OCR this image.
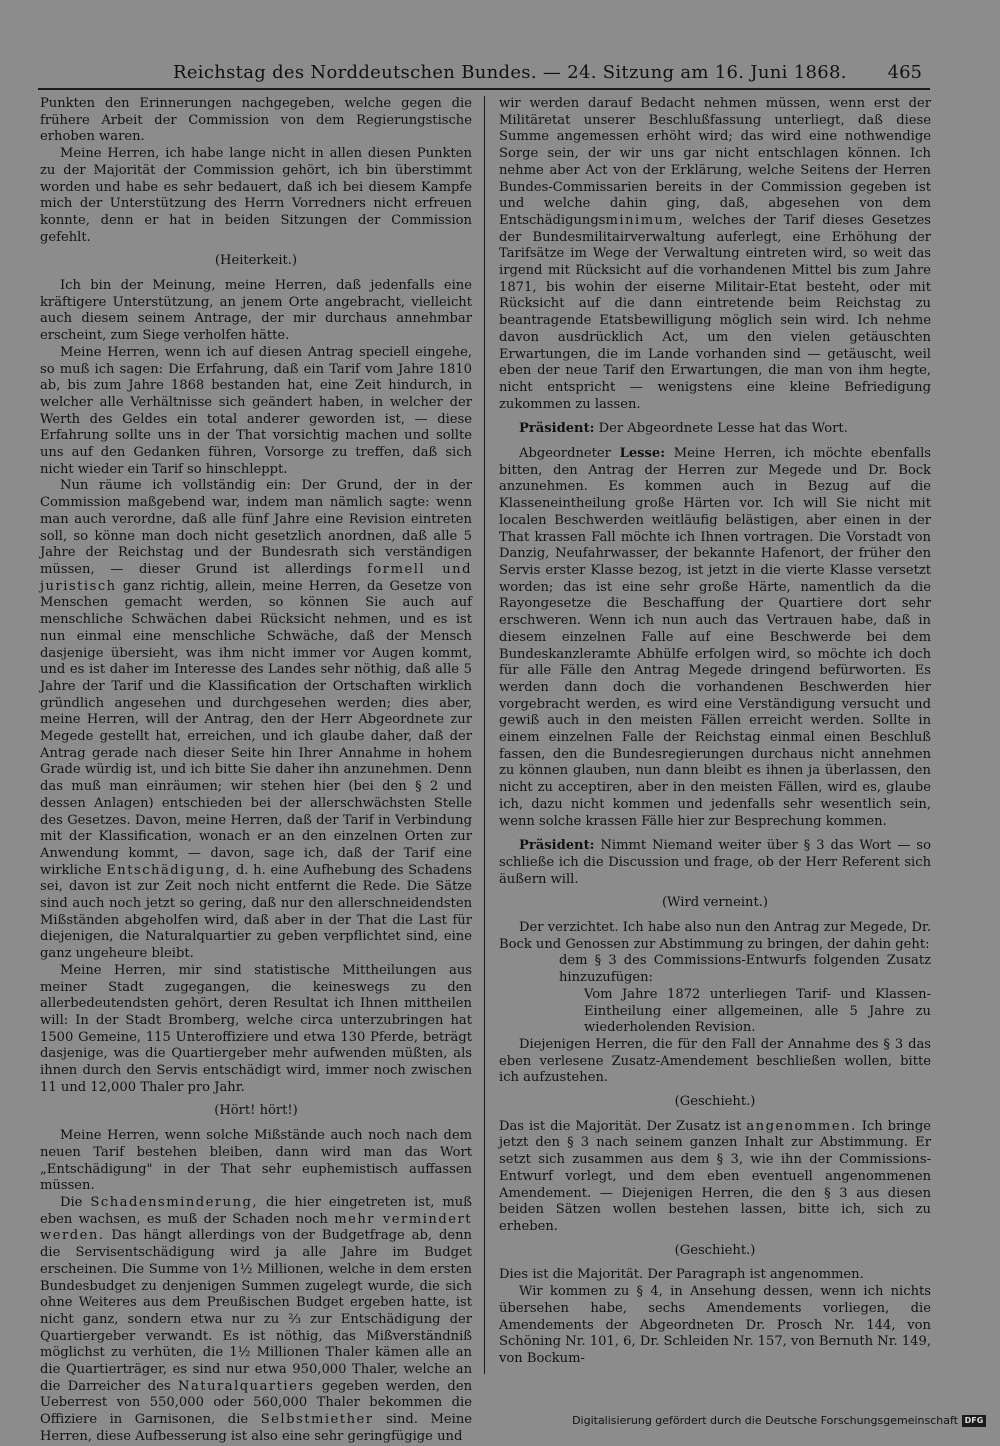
Reichstag des Norddeutschen Bundes. — 24. Sitzung am 16. Juni 1868. 465

Punkten den Erinnerungen nachgegeben, welche gegen die frühere Arbeit der Commission von dem Regierungstische erhoben waren.

Meine Herren, ich habe lange nicht in allen diesen Punkten zu der Majorität der Commission gehört, ich bin überstimmt worden und habe es sehr bedauert, daß ich bei diesem Kampfe mich der Unterstützung des Herrn Vorredners nicht erfreuen konnte, denn er hat in beiden Sitzungen der Commission gefehlt.

(Heiterkeit.)

Ich bin der Meinung, meine Herren, daß jedenfalls eine kräftigere Unterstützung, an jenem Orte angebracht, vielleicht auch diesem seinem Antrage, der mir durchaus annehmbar erscheint, zum Siege verholfen hätte.

Meine Herren, wenn ich auf diesen Antrag speciell eingehe, so muß ich sagen: Die Erfahrung, daß ein Tarif vom Jahre 1810 ab, bis zum Jahre 1868 bestanden hat, eine Zeit hindurch, in welcher alle Verhältnisse sich geändert haben, in welcher der Werth des Geldes ein total anderer geworden ist, — diese Erfahrung sollte uns in der That vorsichtig machen und sollte uns auf den Gedanken führen, Vorsorge zu treffen, daß sich nicht wieder ein Tarif so hinschleppt.

Nun räume ich vollständig ein: Der Grund, der in der Commission maßgebend war, indem man nämlich sagte: wenn man auch verordne, daß alle fünf Jahre eine Revision eintreten soll, so könne man doch nicht gesetzlich anordnen, daß alle 5 Jahre der Reichstag und der Bundesrath sich verständigen müssen, — dieser Grund ist allerdings formell und juristisch ganz richtig, allein, meine Herren, da Gesetze von Menschen gemacht werden, so können Sie auch auf menschliche Schwächen dabei Rücksicht nehmen, und es ist nun einmal eine menschliche Schwäche, daß der Mensch dasjenige übersieht, was ihm nicht immer vor Augen kommt, und es ist daher im Interesse des Landes sehr nöthig, daß alle 5 Jahre der Tarif und die Klassification der Ortschaften wirklich gründlich angesehen und durchgesehen werden; dies aber, meine Herren, will der Antrag, den der Herr Abgeordnete zur Megede gestellt hat, erreichen, und ich glaube daher, daß der Antrag gerade nach dieser Seite hin Ihrer Annahme in hohem Grade würdig ist, und ich bitte Sie daher ihn anzunehmen. Denn das muß man einräumen; wir stehen hier (bei den § 2 und dessen Anlagen) entschieden bei der allerschwächsten Stelle des Gesetzes. Davon, meine Herren, daß der Tarif in Verbindung mit der Klassification, wonach er an den einzelnen Orten zur Anwendung kommt, — davon, sage ich, daß der Tarif eine wirkliche Entschädigung, d. h. eine Aufhebung des Schadens sei, davon ist zur Zeit noch nicht entfernt die Rede. Die Sätze sind auch noch jetzt so gering, daß nur den allerschneidendsten Mißständen abgeholfen wird, daß aber in der That die Last für diejenigen, die Naturalquartier zu geben verpflichtet sind, eine ganz ungeheure bleibt.

Meine Herren, mir sind statistische Mittheilungen aus meiner Stadt zugegangen, die keineswegs zu den allerbedeutendsten gehört, deren Resultat ich Ihnen mittheilen will: In der Stadt Bromberg, welche circa unterzubringen hat 1500 Gemeine, 115 Unteroffiziere und etwa 130 Pferde, beträgt dasjenige, was die Quartiergeber mehr aufwenden müßten, als ihnen durch den Servis entschädigt wird, immer noch zwischen 11 und 12,000 Thaler pro Jahr.

(Hört! hört!)

Meine Herren, wenn solche Mißstände auch noch nach dem neuen Tarif bestehen bleiben, dann wird man das Wort „Entschädigung" in der That sehr euphemistisch auffassen müssen.

Die Schadensminderung, die hier eingetreten ist, muß eben wachsen, es muß der Schaden noch mehr vermindert werden. Das hängt allerdings von der Budgetfrage ab, denn die Servisentschädigung wird ja alle Jahre im Budget erscheinen. Die Summe von 1½ Millionen, welche in dem ersten Bundesbudget zu denjenigen Summen zugelegt wurde, die sich ohne Weiteres aus dem Preußischen Budget ergeben hatte, ist nicht ganz, sondern etwa nur zu ⅔ zur Entschädigung der Quartiergeber verwandt. Es ist nöthig, das Mißverständniß möglichst zu verhüten, die 1½ Millionen Thaler kämen alle an die Quartierträger, es sind nur etwa 950,000 Thaler, welche an die Darreicher des Naturalquartiers gegeben werden, den Ueberrest von 550,000 oder 560,000 Thaler bekommen die Offiziere in Garnisonen, die Selbstmiether sind. Meine Herren, diese Aufbesserung ist also eine sehr geringfügige und

wir werden darauf Bedacht nehmen müssen, wenn erst der Militäretat unserer Beschlußfassung unterliegt, daß diese Summe angemessen erhöht wird; das wird eine nothwendige Sorge sein, der wir uns gar nicht entschlagen können. Ich nehme aber Act von der Erklärung, welche Seitens der Herren Bundes-Commissarien bereits in der Commission gegeben ist und welche dahin ging, daß, abgesehen von dem Entschädigungsminimum, welches der Tarif dieses Gesetzes der Bundesmilitairverwaltung auferlegt, eine Erhöhung der Tarifsätze im Wege der Verwaltung eintreten wird, so weit das irgend mit Rücksicht auf die vorhandenen Mittel bis zum Jahre 1871, bis wohin der eiserne Militair-Etat besteht, oder mit Rücksicht auf die dann eintretende beim Reichstag zu beantragende Etatsbewilligung möglich sein wird. Ich nehme davon ausdrücklich Act, um den vielen getäuschten Erwartungen, die im Lande vorhanden sind — getäuscht, weil eben der neue Tarif den Erwartungen, die man von ihm hegte, nicht entspricht — wenigstens eine kleine Befriedigung zukommen zu lassen.

Präsident: Der Abgeordnete Lesse hat das Wort.

Abgeordneter Lesse: Meine Herren, ich möchte ebenfalls bitten, den Antrag der Herren zur Megede und Dr. Bock anzunehmen. Es kommen auch in Bezug auf die Klasseneintheilung große Härten vor. Ich will Sie nicht mit localen Beschwerden weitläufig belästigen, aber einen in der That krassen Fall möchte ich Ihnen vortragen. Die Vorstadt von Danzig, Neufahrwasser, der bekannte Hafenort, der früher den Servis erster Klasse bezog, ist jetzt in die vierte Klasse versetzt worden; das ist eine sehr große Härte, namentlich da die Rayongesetze die Beschaffung der Quartiere dort sehr erschweren. Wenn ich nun auch das Vertrauen habe, daß in diesem einzelnen Falle auf eine Beschwerde bei dem Bundeskanzleramte Abhülfe erfolgen wird, so möchte ich doch für alle Fälle den Antrag Megede dringend befürworten. Es werden dann doch die vorhandenen Beschwerden hier vorgebracht werden, es wird eine Verständigung versucht und gewiß auch in den meisten Fällen erreicht werden. Sollte in einem einzelnen Falle der Reichstag einmal einen Beschluß fassen, den die Bundesregierungen durchaus nicht annehmen zu können glauben, nun dann bleibt es ihnen ja überlassen, den nicht zu acceptiren, aber in den meisten Fällen, wird es, glaube ich, dazu nicht kommen und jedenfalls sehr wesentlich sein, wenn solche krassen Fälle hier zur Besprechung kommen.

Präsident: Nimmt Niemand weiter über § 3 das Wort — so schließe ich die Discussion und frage, ob der Herr Referent sich äußern will.

(Wird verneint.)

Der verzichtet. Ich habe also nun den Antrag zur Megede, Dr. Bock und Genossen zur Abstimmung zu bringen, der dahin geht:

dem § 3 des Commissions-Entwurfs folgenden Zusatz hinzuzufügen:

Vom Jahre 1872 unterliegen Tarif- und Klassen-Eintheilung einer allgemeinen, alle 5 Jahre zu wiederholenden Revision.

Diejenigen Herren, die für den Fall der Annahme des § 3 das eben verlesene Zusatz-Amendement beschließen wollen, bitte ich aufzustehen.

(Geschieht.)

Das ist die Majorität. Der Zusatz ist angenommen. Ich bringe jetzt den § 3 nach seinem ganzen Inhalt zur Abstimmung. Er setzt sich zusammen aus dem § 3, wie ihn der Commissions-Entwurf vorlegt, und dem eben eventuell angenommenen Amendement. — Diejenigen Herren, die den § 3 aus diesen beiden Sätzen wollen bestehen lassen, bitte ich, sich zu erheben.

(Geschieht.)

Dies ist die Majorität. Der Paragraph ist angenommen.

Wir kommen zu § 4, in Ansehung dessen, wenn ich nichts übersehen habe, sechs Amendements vorliegen, die Amendements der Abgeordneten Dr. Prosch Nr. 144, von Schöning Nr. 101, 6, Dr. Schleiden Nr. 157, von Bernuth Nr. 149, von Bockum-

Digitalisierung gefördert durch die Deutsche Forschungsgemeinschaft DFG
